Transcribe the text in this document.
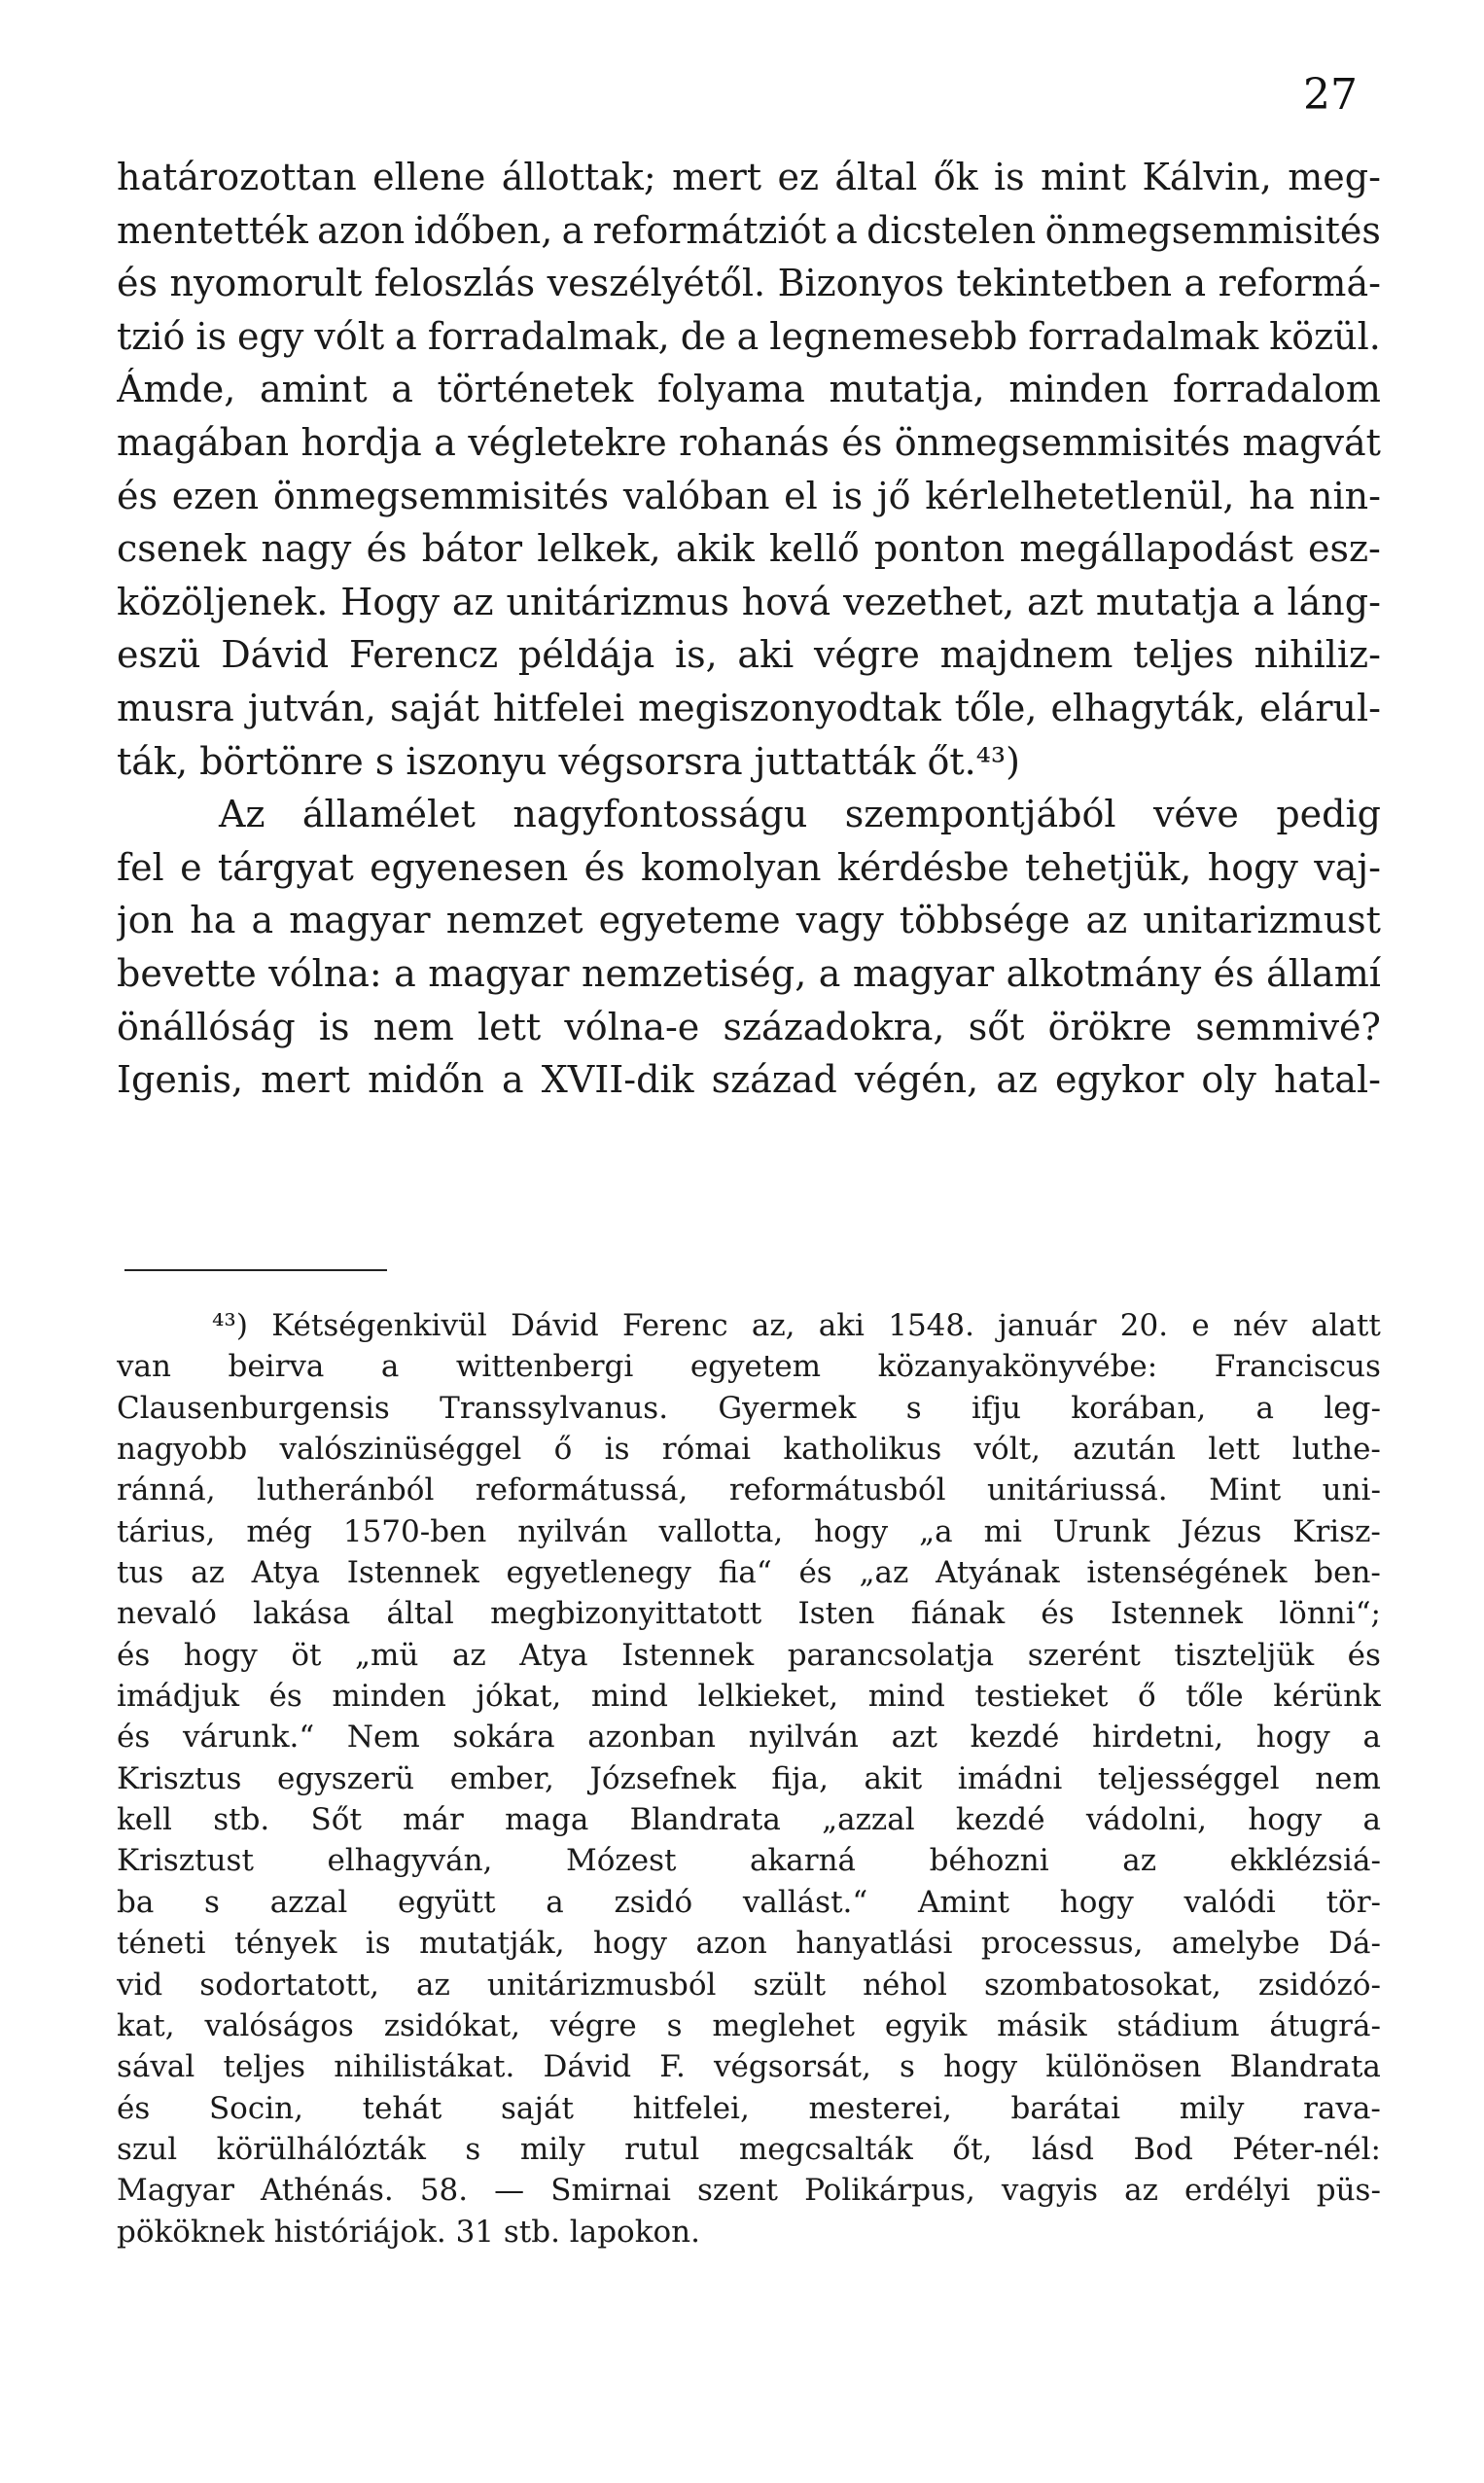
27
határozottan ellene állottak; mert ez által ők is mint Kálvin, meg-
mentették azon időben, a reformátziót a dicstelen önmegsemmisités
és nyomorult feloszlás veszélyétől. Bizonyos tekintetben a reformá-
tzió is egy vólt a forradalmak, de a legnemesebb forradalmak közül.
Ámde, amint a történetek folyama mutatja, minden forradalom
magában hordja a végletekre rohanás és önmegsemmisités magvát
és ezen önmegsemmisités valóban el is jő kérlelhetetlenül, ha nin-
csenek nagy és bátor lelkek, akik kellő ponton megállapodást esz-
közöljenek. Hogy az unitárizmus hová vezethet, azt mutatja a láng-
eszü Dávid Ferencz példája is, aki végre majdnem teljes nihiliz-
musra jutván, saját hitfelei megiszonyodtak tőle, elhagyták, elárul-
ták, börtönre s iszonyu végsorsra juttatták őt.⁴³)
Az államélet nagyfontosságu szempontjából véve pedig
fel e tárgyat egyenesen és komolyan kérdésbe tehetjük, hogy vaj-
jon ha a magyar nemzet egyeteme vagy többsége az unitarizmust
bevette vólna: a magyar nemzetiség, a magyar alkotmány és államí
önállóság is nem lett vólna-e századokra, sőt örökre semmivé?
Igenis, mert midőn a XVII-dik század végén, az egykor oly hatal-
⁴³) Kétségenkivül Dávid Ferenc az, aki 1548. január 20. e név alatt
van beirva a wittenbergi egyetem közanyakönyvébe: Franciscus
Clausenburgensis Transsylvanus. Gyermek s ifju korában, a leg-
nagyobb valószinüséggel ő is római katholikus vólt, azután lett luthe-
ránná, lutheránból reformátussá, reformátusból unitáriussá. Mint uni-
tárius, még 1570-ben nyilván vallotta, hogy „a mi Urunk Jézus Krisz-
tus az Atya Istennek egyetlenegy fia“ és „az Atyának istenségének ben-
nevaló lakása által megbizonyittatott Isten fiának és Istennek lönni“;
és hogy öt „mü az Atya Istennek parancsolatja szerént tiszteljük és
imádjuk és minden jókat, mind lelkieket, mind testieket ő tőle kérünk
és várunk.“ Nem sokára azonban nyilván azt kezdé hirdetni, hogy a
Krisztus egyszerü ember, Józsefnek fija, akit imádni teljességgel nem
kell stb. Sőt már maga Blandrata „azzal kezdé vádolni, hogy a
Krisztust elhagyván, Mózest akarná béhozni az ekklézsiá-
ba s azzal együtt a zsidó vallást.“ Amint hogy valódi tör-
téneti tények is mutatják, hogy azon hanyatlási processus, amelybe Dá-
vid sodortatott, az unitárizmusból szült néhol szombatosokat, zsidózó-
kat, valóságos zsidókat, végre s meglehet egyik másik stádium átugrá-
sával teljes nihilistákat. Dávid F. végsorsát, s hogy különösen Blandrata
és Socin, tehát saját hitfelei, mesterei, barátai mily rava-
szul körülhálózták s mily rutul megcsalták őt, lásd Bod Péter-nél:
Magyar Athénás. 58. — Smirnai szent Polikárpus, vagyis az erdélyi püs-
pököknek históriájok. 31 stb. lapokon.
